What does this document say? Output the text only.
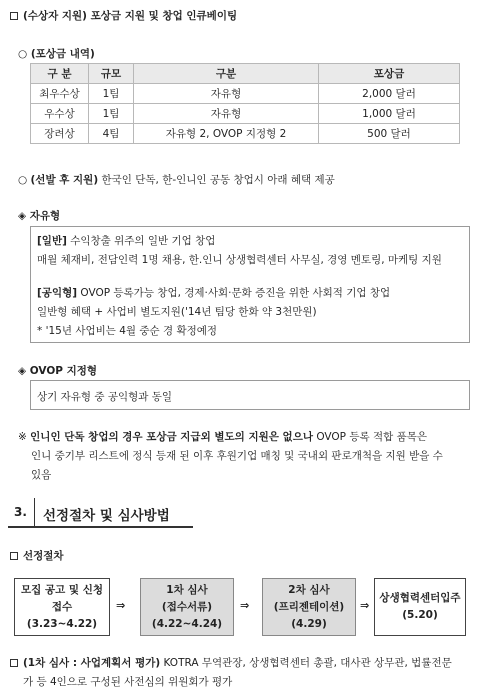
(수상자 지원) 포상금 지원 및 창업 인큐베이팅
○ (포상금 내역)
구 분	규모	구분	포상금
최우수상	1팀	자유형	2,000 달러
우수상	1팀	자유형	1,000 달러
장려상	4팀	자유형 2, OVOP 지정형 2	500 달러
○ (선발 후 지원) 한국인 단독, 한-인니인 공동 창업시 아래 혜택 제공
◈ 자유형
[일반] 수익창출 위주의 일반 기업 창업
매월 체재비, 전담인력 1명 채용, 한.인니 상생협력센터 사무실, 경영 멘토링, 마케팅 지원
[공익형] OVOP 등록가능 창업, 경제·사회·문화 증진을 위한 사회적 기업 창업
일반형 혜택 + 사업비 별도지원('14년 팀당 한화 약 3천만원)
* '15년 사업비는 4월 중순 경 확정예정
◈ OVOP 지정형
상기 자유형 중 공익형과 동일
※ 인니인 단독 창업의 경우 포상금 지급외 별도의 지원은 없으나 OVOP 등록 적합 품목은
인니 중기부 리스트에 정식 등재 된 이후 후원기업 매칭 및 국내외 판로개척을 지원 받을 수
있음
3. 선정절차 및 심사방법
선정절차
모집 공고 및 신청
접수
(3.23~4.22)
⇒
1차 심사
(접수서류)
(4.22~4.24)
⇒
2차 심사
(프리젠테이션)
(4.29)
⇒
상생협력센터입주
(5.20)
(1차 심사 : 사업계획서 평가) KOTRA 무역관장, 상생협력센터 총괄, 대사관 상무관, 법률전문
가 등 4인으로 구성된 사전심의 위원회가 평가
